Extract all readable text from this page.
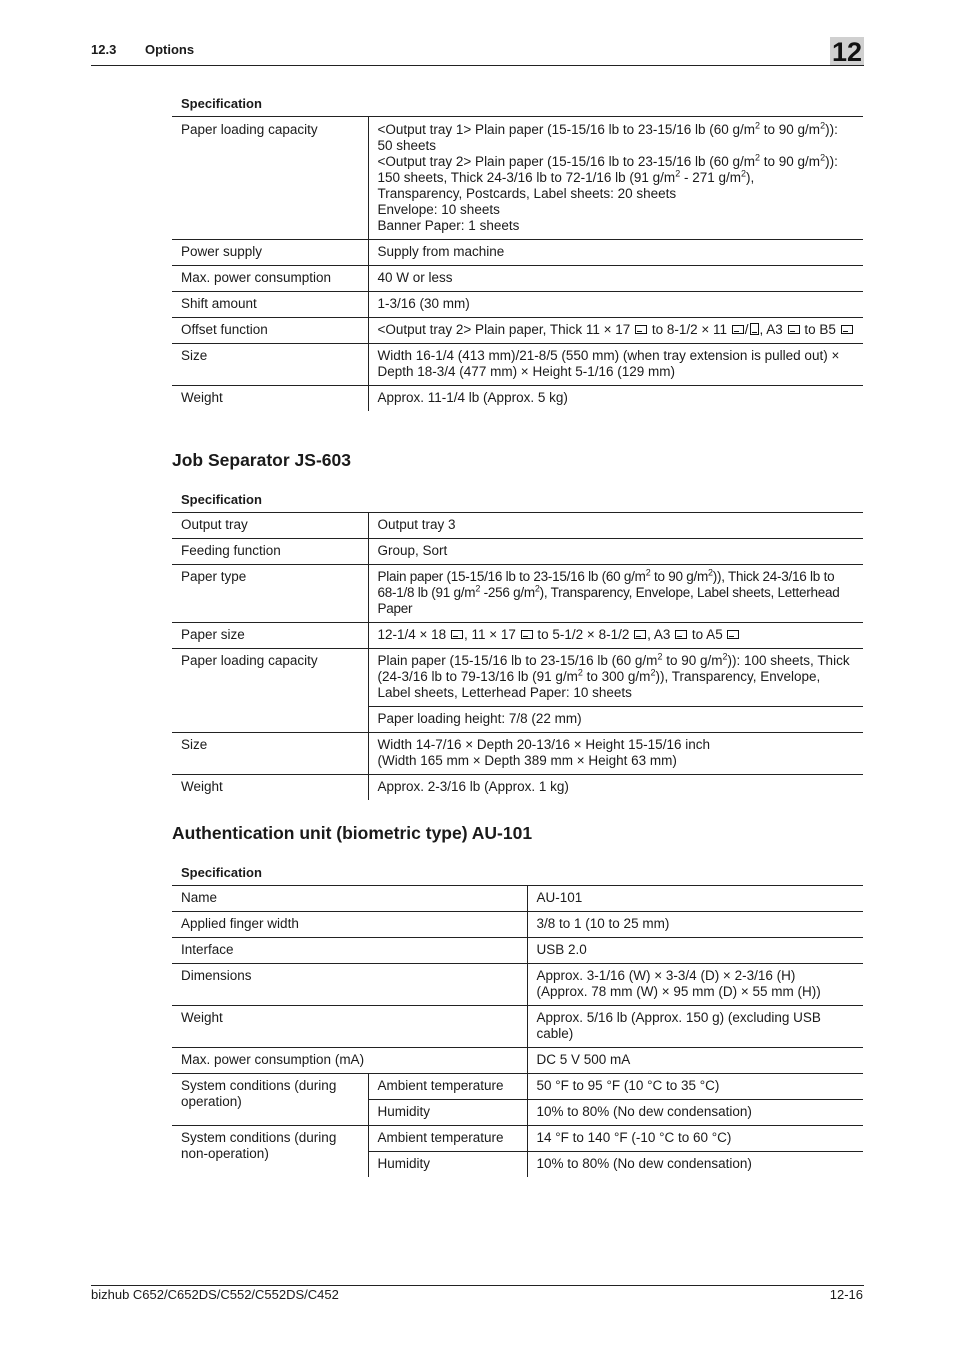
12.3 Options	12
Specification
Paper loading capacity	<Output tray 1> Plain paper (15-15/16 lb to 23-15/16 lb (60 $g/m^2$ to 90 $g/m^2$)): 50 sheets
<Output tray 2> Plain paper (15-15/16 lb to 23-15/16 lb (60 $g/m^2$ to 90 $g/m^2$)): 150 sheets, Thick 24-3/16 lb to 72-1/16 lb (91 $g/m^2 - 271$ $g/m^2$),
Transparency, Postcards, Label sheets: 20 sheets
Envelope: 10 sheets
Banner Paper: 1 sheets
Power supply	Supply from machine
Max. power consumption	40 W or less
Shift amount	1-3/16 (30 mm)
Offset function	<Output tray 2> Plain paper, Thick 11 × 17 to 8-1/2 × 11 / , A3 to B5
Size	Width 16-1/4 (413 mm)/21-8/5 (550 mm) (when tray extension is pulled out) × Depth 18-3/4 (477 mm) × Height 5-1/16 (129 mm)
Weight	Approx. 11-1/4 lb (Approx. 5 kg)
Job Separator JS-603
Specification
Output tray	Output tray 3
Feeding function	Group, Sort
Paper type	Plain paper (15-15/16 lb to 23-15/16 lb (60 $g/m^2$ to 90 $g/m^2$)), Thick 24-3/16 lb to 68-1/8 lb (91 $g/m^2$ -256 $g/m^2$), Transparency, Envelope, Label sheets, Letterhead Paper
Paper size	12-1/4 × 18 , 11 × 17 to 5-1/2 × 8-1/2 , A3 to A5
Paper loading capacity	Plain paper (15-15/16 lb to 23-15/16 lb (60 $g/m^2$ to 90 $g/m^2$)): 100 sheets, Thick (24-3/16 lb to 79-13/16 lb (91 $g/m^2$ to 300 $g/m^2$)), Transparency, Envelope, Label sheets, Letterhead Paper: 10 sheets
	Paper loading height: 7/8 (22 mm)
Size	Width 14-7/16 × Depth 20-13/16 × Height 15-15/16 inch
(Width 165 mm × Depth 389 mm × Height 63 mm)
Weight	Approx. 2-3/16 lb (Approx. 1 kg)
Authentication unit (biometric type) AU-101
Specification
Name		AU-101
Applied finger width		3/8 to 1 (10 to 25 mm)
Interface		USB 2.0
Dimensions		Approx. 3-1/16 (W) × 3-3/4 (D) × 2-3/16 (H)
(Approx. 78 mm (W) × 95 mm (D) × 55 mm (H))
Weight		Approx. 5/16 lb (Approx. 150 g) (excluding USB cable)
Max. power consumption (mA)		DC 5 V 500 mA
System conditions (during operation)	Ambient temperature	50 °F to 95 °F (10 °C to 35 °C)
	Humidity	10% to 80% (No dew condensation)
System conditions (during non-operation)	Ambient temperature	14 °F to 140 °F (-10 °C to 60 °C)
	Humidity	10% to 80% (No dew condensation)
bizhub C652/C652DS/C552/C552DS/C452	12-16
